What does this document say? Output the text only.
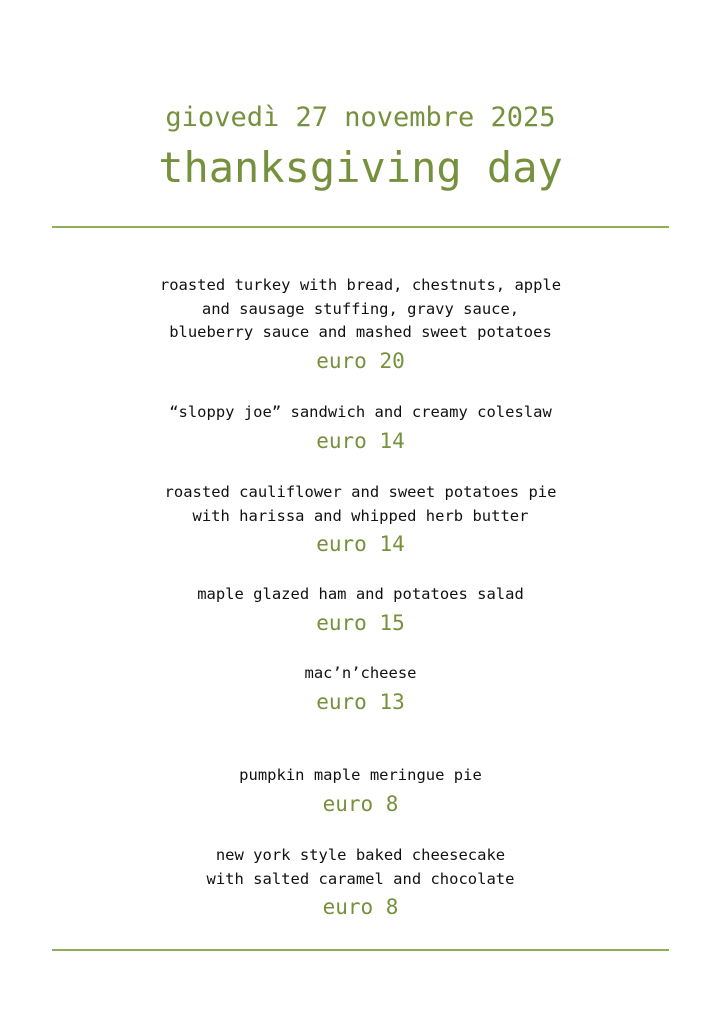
giovedì 27 novembre 2025
thanksgiving day
roasted turkey with bread, chestnuts, apple
and sausage stuffing, gravy sauce,
blueberry sauce and mashed sweet potatoes
euro 20
“sloppy joe” sandwich and creamy coleslaw
euro 14
roasted cauliflower and sweet potatoes pie
with harissa and whipped herb butter
euro 14
maple glazed ham and potatoes salad
euro 15
mac’n’cheese
euro 13
pumpkin maple meringue pie
euro 8
new york style baked cheesecake
with salted caramel and chocolate
euro 8
